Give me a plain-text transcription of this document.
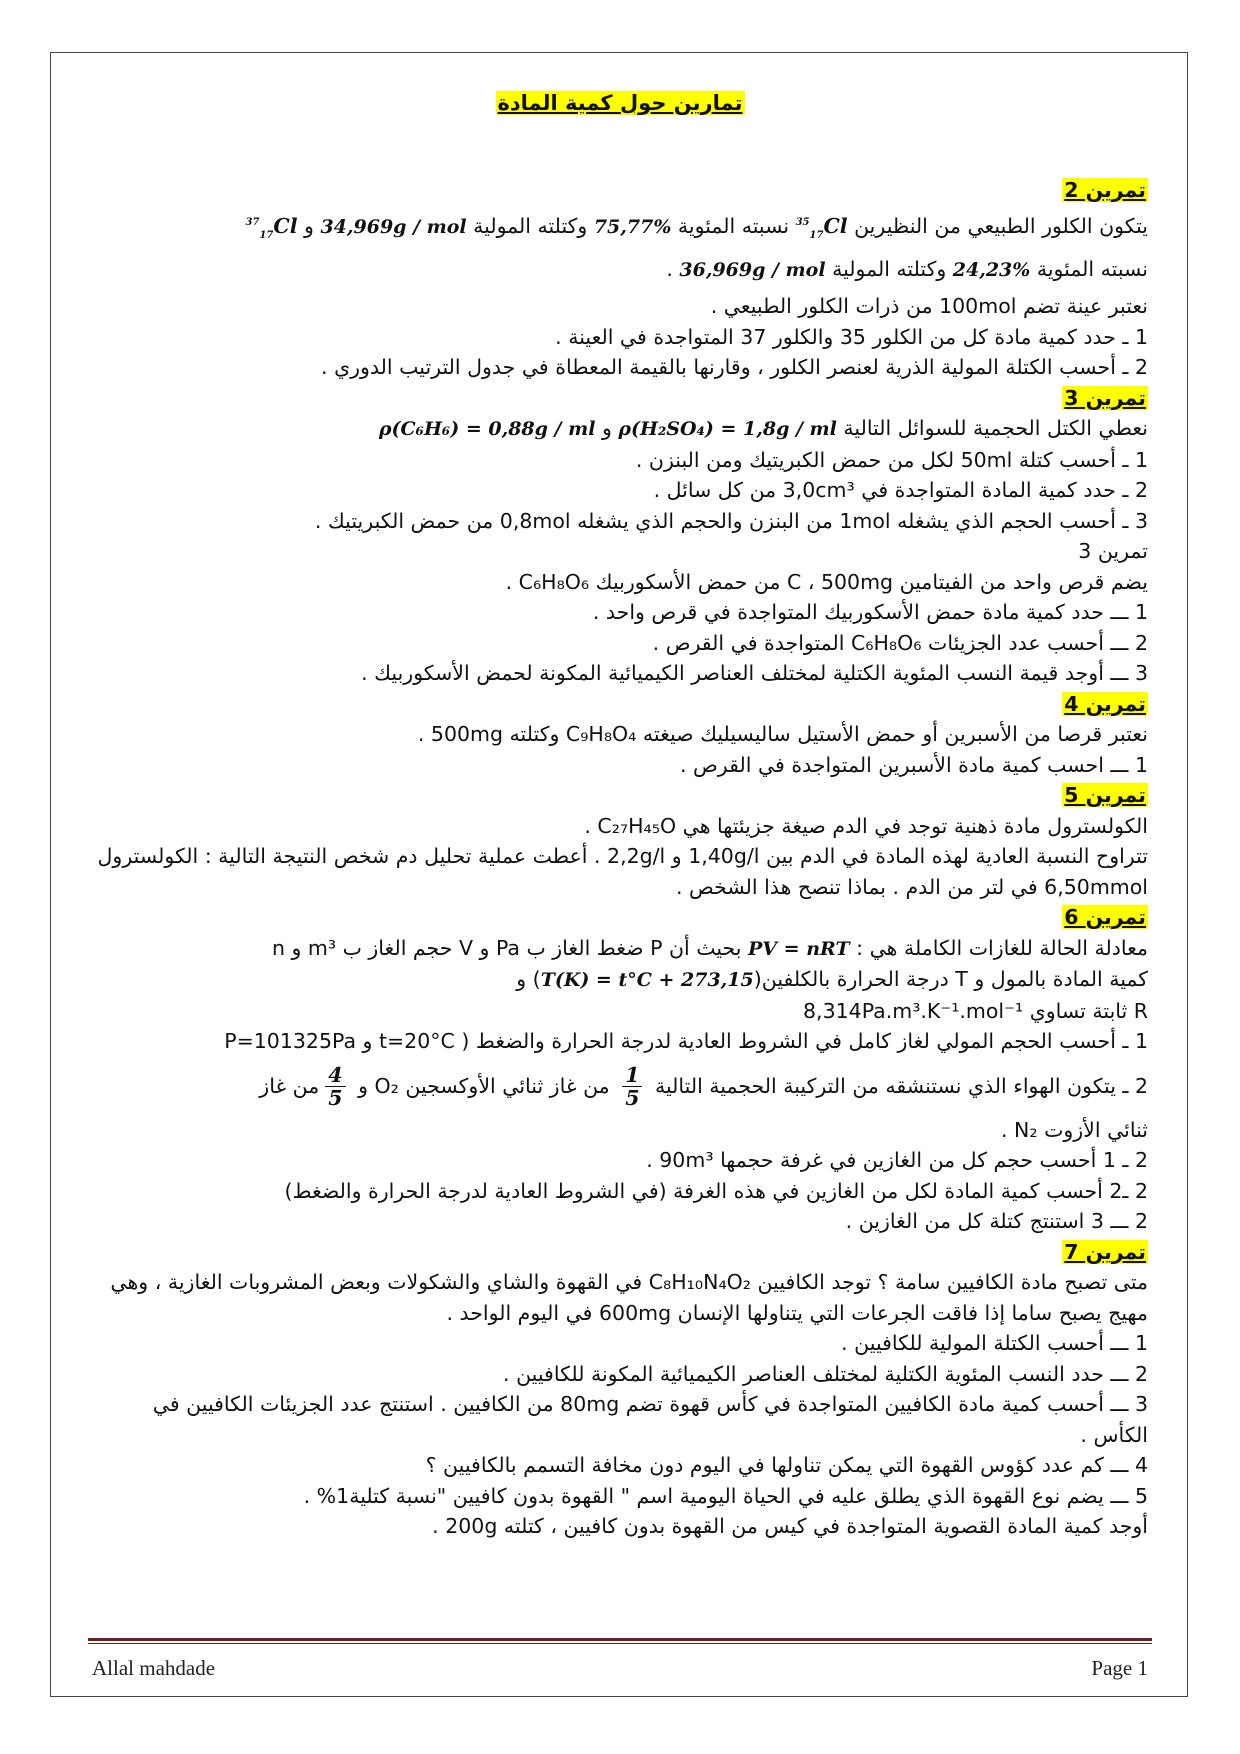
تمارين حول كمية المادة

تمرين 2

يتكون الكلور الطبيعي من النظيرين $^{35}_{17}$Cl نسبته المئوية 75,77% وكتلته المولية 34,969g / mol و $^{37}_{17}$Cl

نسبته المئوية 24,23% وكتلته المولية 36,969g / mol .

نعتبر عينة تضم 100mol من ذرات الكلور الطبيعي .

1 ـ حدد كمية مادة كل من الكلور 35 والكلور 37 المتواجدة في العينة .

2 ـ أحسب الكتلة المولية الذرية لعنصر الكلور ، وقارنها بالقيمة المعطاة في جدول الترتيب الدوري .

تمرين 3

نعطي الكتل الحجمية للسوائل التالية ρ(H₂SO₄) = 1,8g / ml و ρ(C₆H₆) = 0,88g / ml

1 ـ أحسب كتلة 50ml لكل من حمض الكبريتيك ومن البنزن .

2 ـ حدد كمية المادة المتواجدة في 3,0cm³ من كل سائل .

3 ـ أحسب الحجم الذي يشغله 1mol من البنزن والحجم الذي يشغله 0,8mol من حمض الكبريتيك .

تمرين 3

يضم قرص واحد من الفيتامين C ، 500mg من حمض الأسكوربيك C₆H₈O₆ .

1 ـــ حدد كمية مادة حمض الأسكوربيك المتواجدة في قرص واحد .

2 ـــ أحسب عدد الجزيئات C₆H₈O₆ المتواجدة في القرص .

3 ـــ أوجد قيمة النسب المئوية الكتلية لمختلف العناصر الكيميائية المكونة لحمض الأسكوربيك .

تمرين 4

نعتبر قرصا من الأسبرين أو حمض الأستيل ساليسيليك صيغته C₉H₈O₄ وكتلته 500mg .

1 ـــ احسب كمية مادة الأسبرين المتواجدة في القرص .

تمرين 5

الكولسترول مادة ذهنية توجد في الدم صيغة جزيئتها هي C₂₇H₄₅O .

تتراوح النسبة العادية لهذه المادة في الدم بين 1,40g/l و 2,2g/l . أعطت عملية تحليل دم شخص النتيجة التالية : الكولسترول 6,50mmol في لتر من الدم . بماذا تنصح هذا الشخص .

تمرين 6

معادلة الحالة للغازات الكاملة هي : PV = nRT بحيث أن P ضغط الغاز ب Pa و V حجم الغاز ب m³ و n

كمية المادة بالمول و T درجة الحرارة بالكلفين(T(K) = t°C + 273,15) و

R ثابتة تساوي 8,314Pa.m³.K⁻¹.mol⁻¹

1 ـ أحسب الحجم المولي لغاز كامل في الشروط العادية لدرجة الحرارة والضغط ( t=20°C و P=101325Pa

2 ـ يتكون الهواء الذي نستنشقه من التركيبة الحجمية التالية
$\frac{1}{5}$
من غاز ثنائي الأوكسجين O₂ و
$\frac{4}{5}$
من غاز

ثنائي الأزوت N₂ .

2 ـ 1 أحسب حجم كل من الغازين في غرفة حجمها 90m³ .

2 ـ2 أحسب كمية المادة لكل من الغازين في هذه الغرفة (في الشروط العادية لدرجة الحرارة والضغط)

2 ـــ 3 استنتج كتلة كل من الغازين .

تمرين 7

متى تصبح مادة الكافيين سامة ؟ توجد الكافيين C₈H₁₀N₄O₂ في القهوة والشاي والشكولات وبعض المشروبات الغازية ، وهي مهيج يصبح ساما إذا فاقت الجرعات التي يتناولها الإنسان 600mg في اليوم الواحد .

1 ـــ أحسب الكتلة المولية للكافيين .

2 ـــ حدد النسب المئوية الكتلية لمختلف العناصر الكيميائية المكونة للكافيين .

3 ـــ أحسب كمية مادة الكافيين المتواجدة في كأس قهوة تضم 80mg من الكافيين . استنتج عدد الجزيئات الكافيين في الكأس .

4 ـــ كم عدد كؤوس القهوة التي يمكن تناولها في اليوم دون مخافة التسمم بالكافيين ؟

5 ـــ يضم نوع القهوة الذي يطلق عليه في الحياة اليومية اسم " القهوة بدون كافيين "نسبة كتلية1% .

أوجد كمية المادة القصوية المتواجدة في كيس من القهوة بدون كافيين ، كتلته 200g .

Allal mahdade	Page 1
